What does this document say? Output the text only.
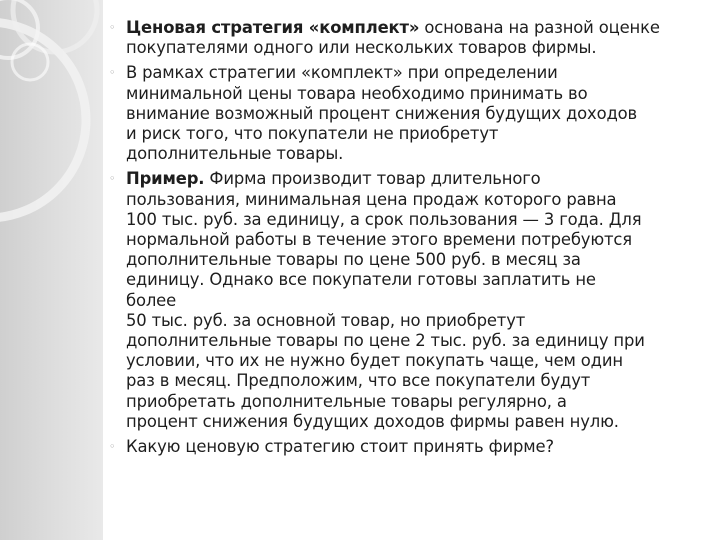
◦ Ценовая стратегия «комплект» основана на разной оценке
покупателями одного или нескольких товаров фирмы.
◦ В рамках стратегии «комплект» при определении
минимальной цены товара необходимо принимать во
внимание возможный процент снижения будущих доходов
и риск того, что покупатели не приобретут
дополнительные товары.
◦ Пример. Фирма производит товар длительного
пользования, минимальная цена продаж которого равна
100 тыс. руб. за единицу, а срок пользования — 3 года. Для
нормальной работы в течение этого времени потребуются
дополнительные товары по цене 500 руб. в месяц за
единицу. Однако все покупатели готовы заплатить не
более
50 тыс. руб. за основной товар, но приобретут
дополнительные товары по цене 2 тыс. руб. за единицу при
условии, что их не нужно будет покупать чаще, чем один
раз в месяц. Предположим, что все покупатели будут
приобретать дополнительные товары регулярно, а
процент снижения будущих доходов фирмы равен нулю.
◦ Какую ценовую стратегию стоит принять фирме?
